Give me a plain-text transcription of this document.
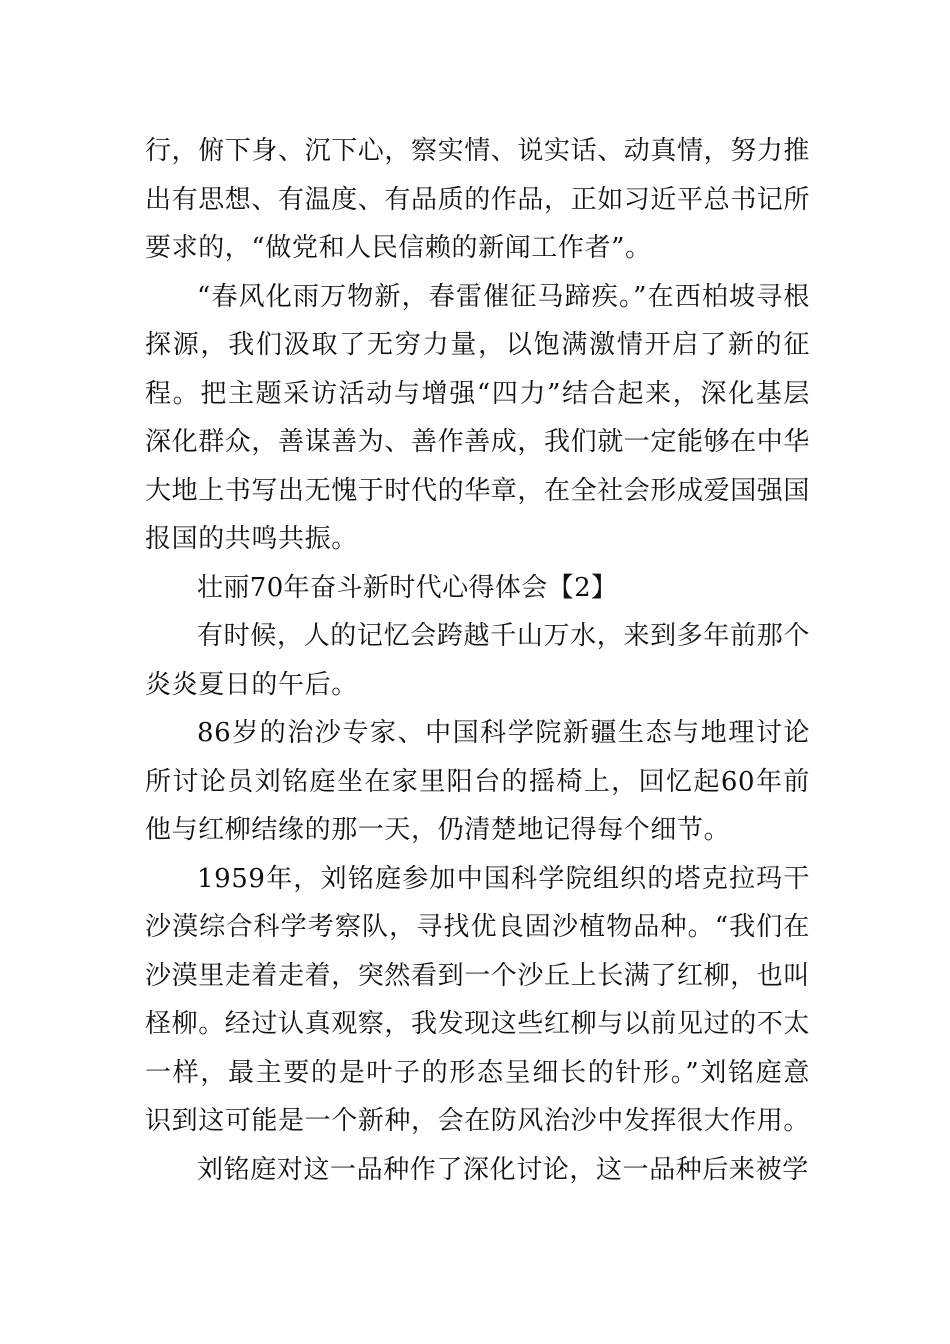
行，俯下身、沉下心，察实情、说实话、动真情，努力推出有思想、有温度、有品质的作品，正如习近平总书记所要求的，“做党和人民信赖的新闻工作者”。

“春风化雨万物新，春雷催征马蹄疾。”在西柏坡寻根探源，我们汲取了无穷力量，以饱满激情开启了新的征程。把主题采访活动与增强“四力”结合起来，深化基层深化群众，善谋善为、善作善成，我们就一定能够在中华大地上书写出无愧于时代的华章，在全社会形成爱国强国报国的共鸣共振。

壮丽70年奋斗新时代心得体会【2】

有时候，人的记忆会跨越千山万水，来到多年前那个炎炎夏日的午后。

86岁的治沙专家、中国科学院新疆生态与地理讨论所讨论员刘铭庭坐在家里阳台的摇椅上，回忆起60年前他与红柳结缘的那一天，仍清楚地记得每个细节。

1959年，刘铭庭参加中国科学院组织的塔克拉玛干沙漠综合科学考察队，寻找优良固沙植物品种。“我们在沙漠里走着走着，突然看到一个沙丘上长满了红柳，也叫柽柳。经过认真观察，我发现这些红柳与以前见过的不太一样，最主要的是叶子的形态呈细长的针形。”刘铭庭意识到这可能是一个新种，会在防风治沙中发挥很大作用。

刘铭庭对这一品种作了深化讨论，这一品种后来被学
